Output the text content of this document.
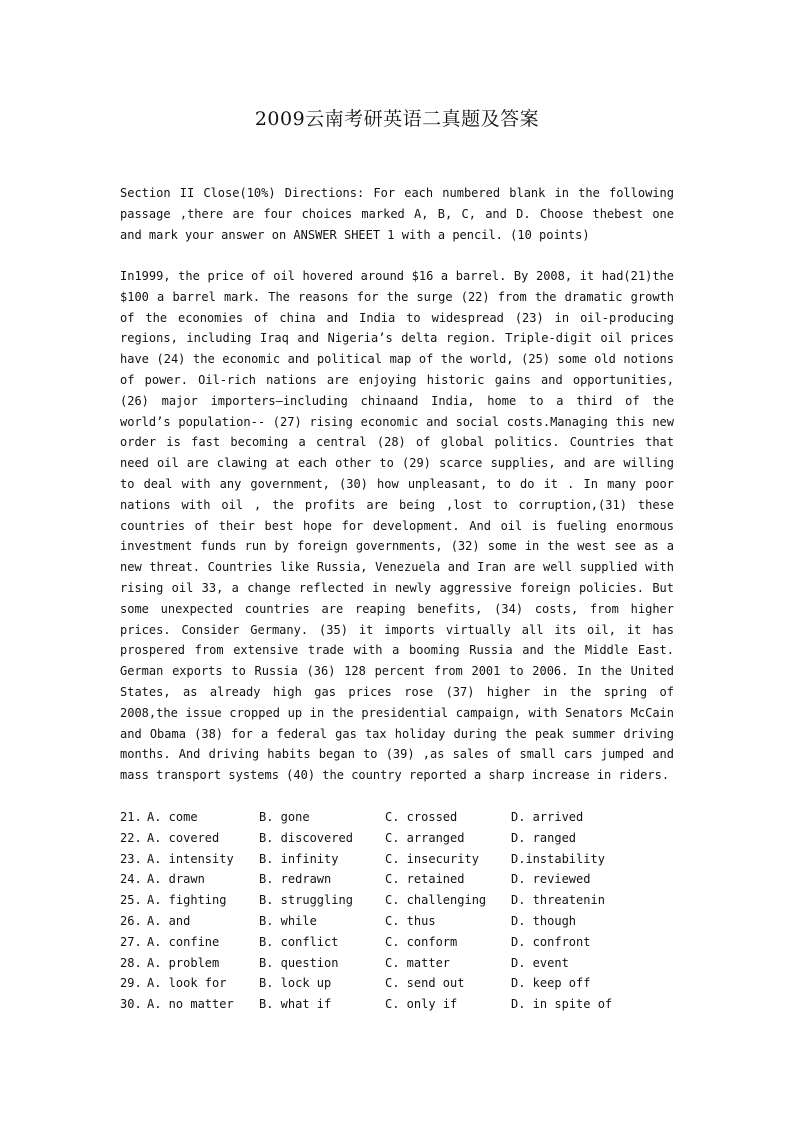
2009云南考研英语二真题及答案
Section II Close(10%) Directions: For each numbered blank in the following passage ,there are four choices marked A, B, C, and D. Choose thebest one and mark your answer on ANSWER SHEET 1 with a pencil. (10 points)
In1999, the price of oil hovered around $16 a barrel. By 2008, it had(21)the $100 a barrel mark. The reasons for the surge (22) from the dramatic growth of the economies of china and India to widespread (23) in oil-producing regions, including Iraq and Nigeria’s delta region. Triple-digit oil prices have (24) the economic and political map of the world, (25) some old notions of power. Oil-rich nations are enjoying historic gains and opportunities, (26) major importers—including chinaand India, home to a third of the world’s population-- (27) rising economic and social costs.Managing this new order is fast becoming a central (28) of global politics. Countries that need oil are clawing at each other to (29) scarce supplies, and are willing to deal with any government, (30) how unpleasant, to do it . In many poor nations with oil , the profits are being ,lost to corruption,(31) these countries of their best hope for development. And oil is fueling enormous investment funds run by foreign governments, (32) some in the west see as a new threat. Countries like Russia, Venezuela and Iran are well supplied with rising oil 33, a change reflected in newly aggressive foreign policies. But some unexpected countries are reaping benefits, (34) costs, from higher prices. Consider Germany. (35) it imports virtually all its oil, it has prospered from extensive trade with a booming Russia and the Middle East. German exports to Russia (36) 128 percent from 2001 to 2006. In the United States, as already high gas prices rose (37) higher in the spring of 2008,the issue cropped up in the presidential campaign, with Senators McCain and Obama (38) for a federal gas tax holiday during the peak summer driving months. And driving habits began to (39) ,as sales of small cars jumped and mass transport systems (40) the country reported a sharp increase in riders.
21. A. come	B. gone	C. crossed	D. arrived
22. A. covered	B. discovered	C. arranged	D. ranged
23. A. intensity B. infinity	C. insecurity	D.instability
24. A. drawn	B. redrawn	C. retained	D. reviewed
25. A. fighting	B. struggling	C. challenging D. threatenin
26. A. and	B. while	C. thus	D. though
27. A. confine	B. conflict	C. conform	D. confront
28. A. problem	B. question	C. matter	D. event
29. A. look for	B. lock up	C. send out	D. keep off
30. A. no matter B. what if	C. only if	D. in spite of
